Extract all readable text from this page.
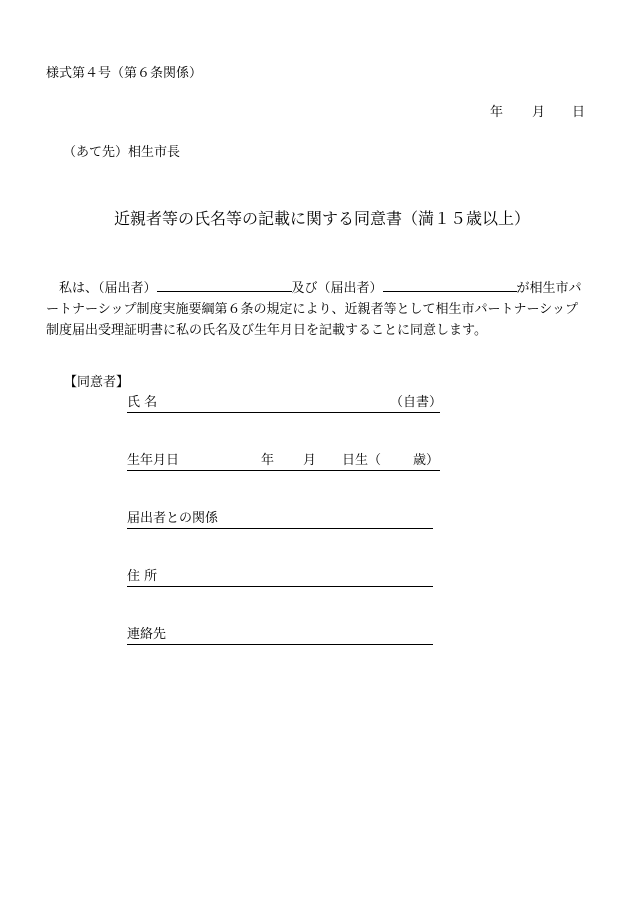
様式第４号（第６条関係）
年 月 日
（あて先）相生市長
近親者等の氏名等の記載に関する同意書（満１５歳以上）
　私は、（届出者）	及び（届出者）	が相生市パートナーシップ制度実施要綱第６条の規定により、近親者等として相生市パートナーシップ制度届出受理証明書に私の氏名及び生年月日を記載することに同意します。
【同意者】
氏 名	（自書）
生年月日	年 月 日生（ 歳）
届出者との関係
住 所
連絡先
